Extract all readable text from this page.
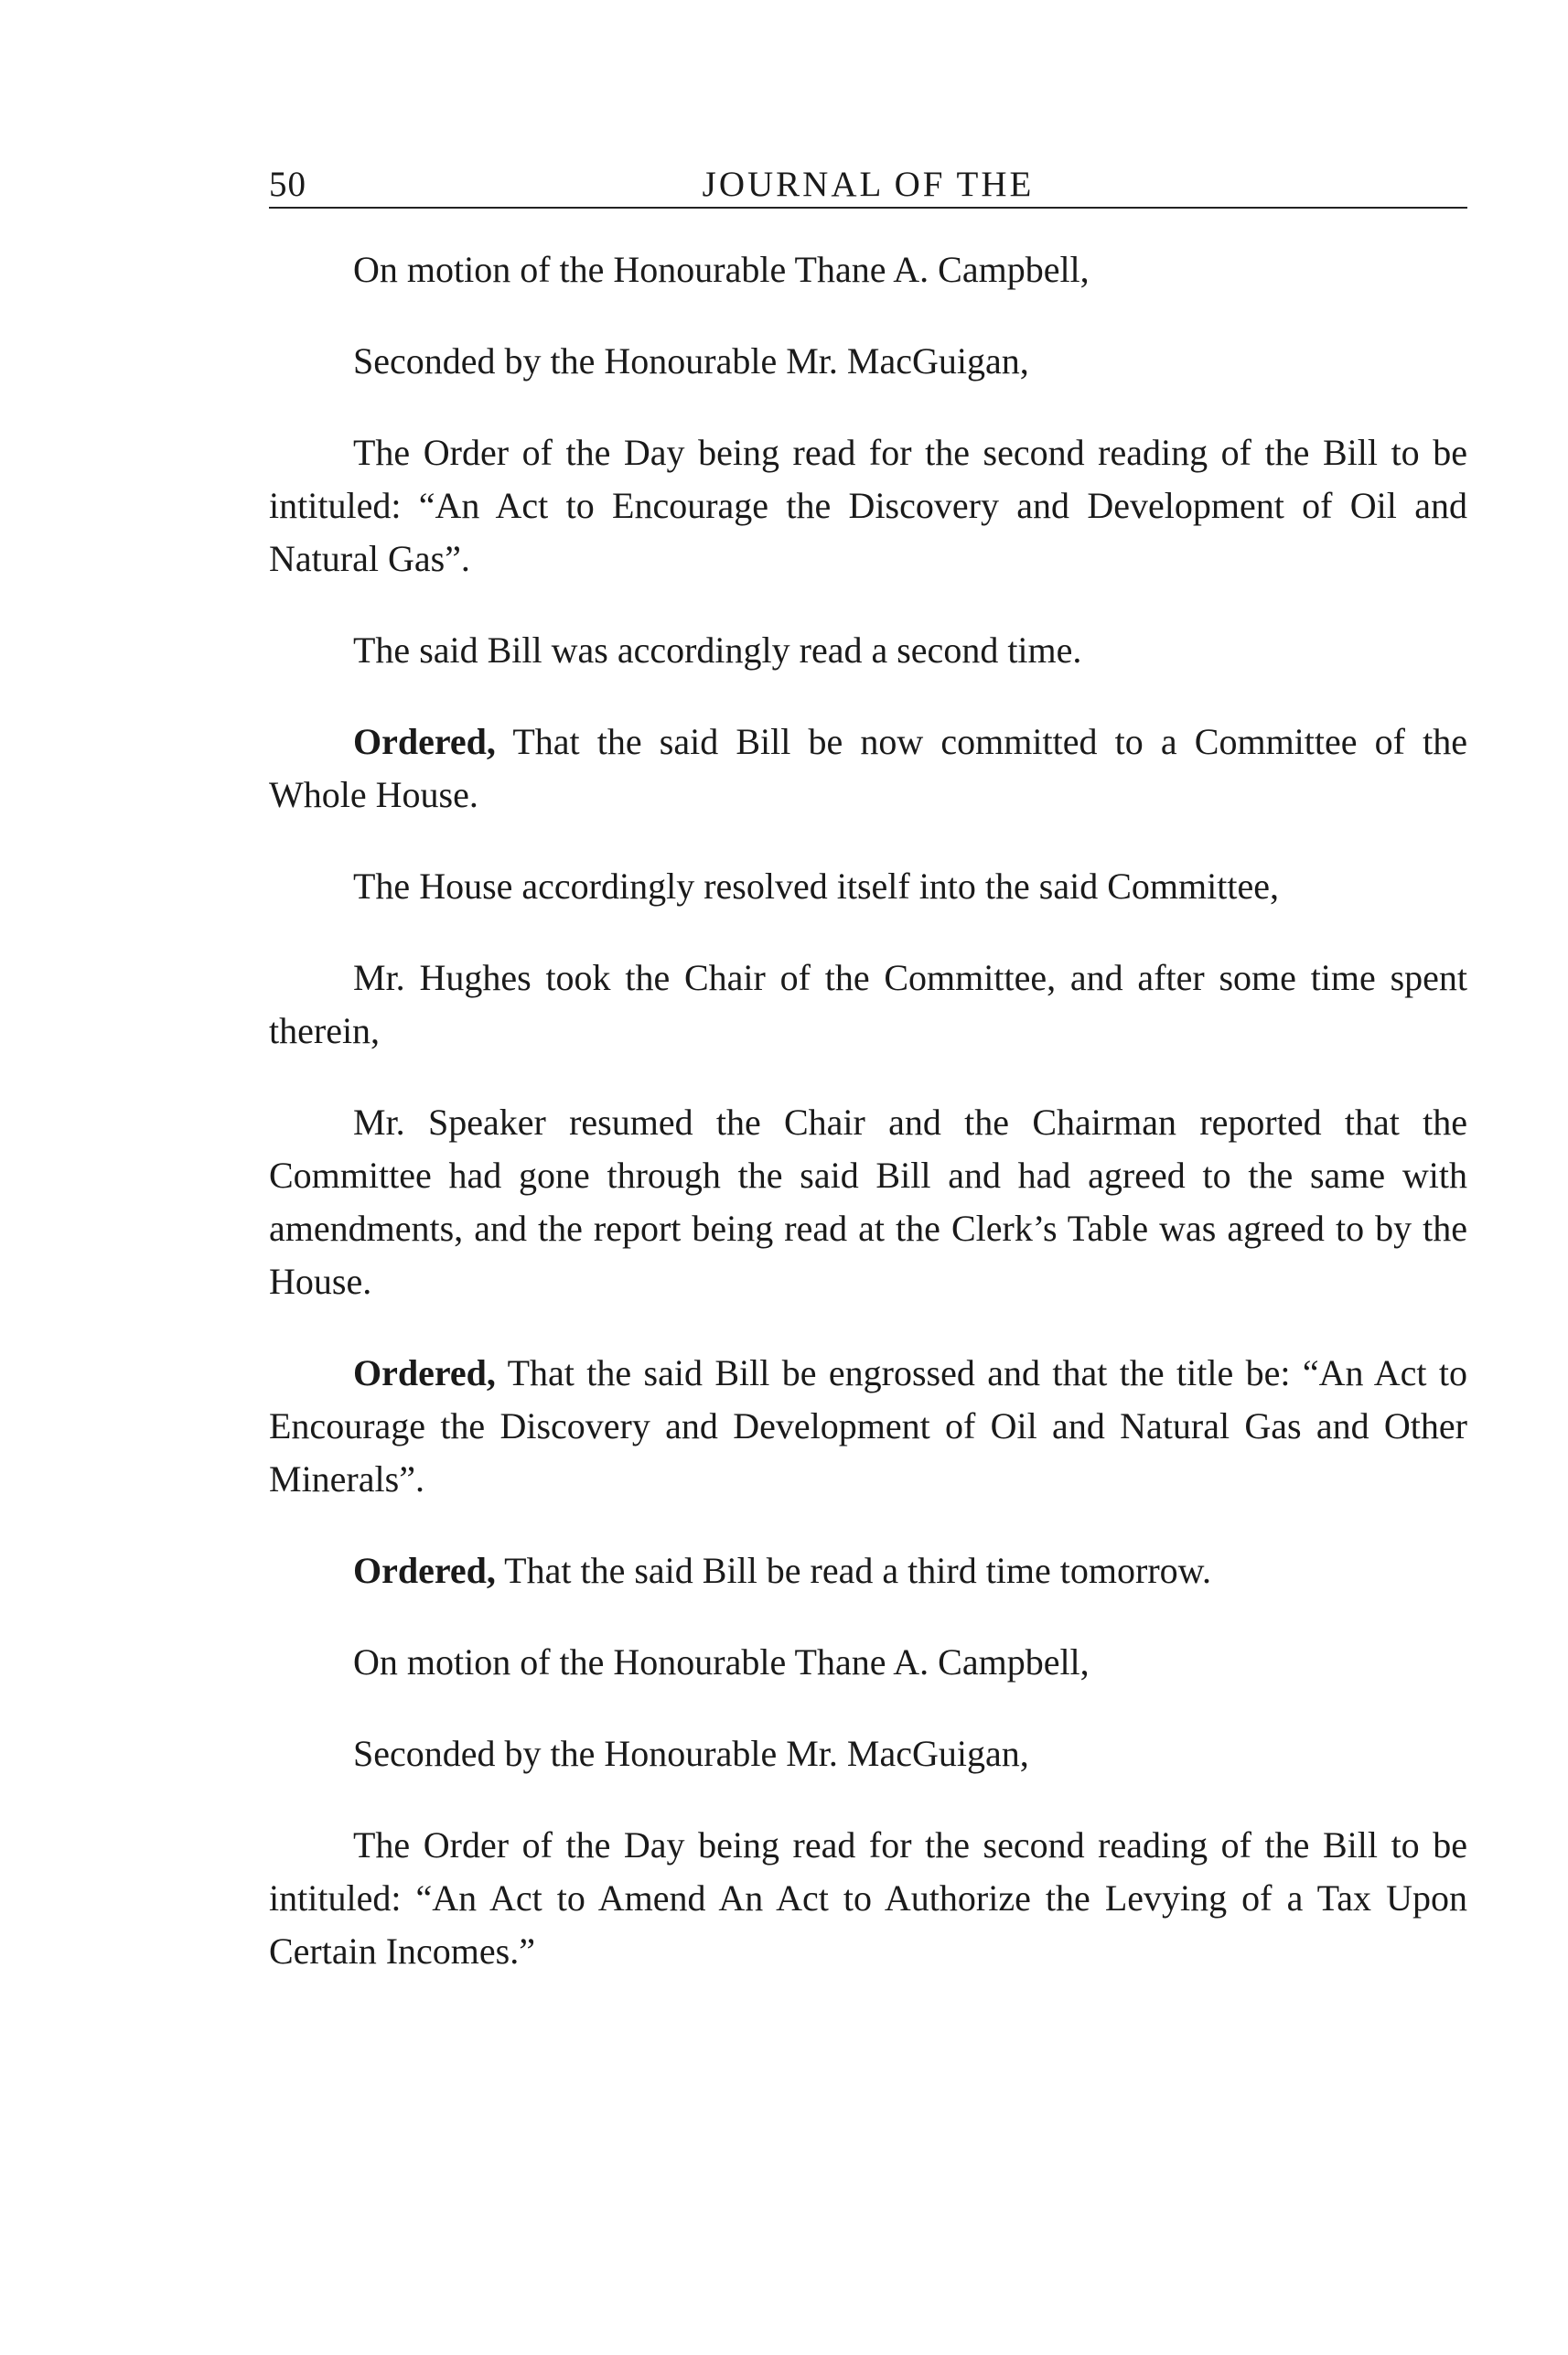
50	JOURNAL OF THE

On motion of the Honourable Thane A. Campbell,

Seconded by the Honourable Mr. MacGuigan,

The Order of the Day being read for the second reading of the Bill to be intituled: “An Act to Encourage the Discovery and Development of Oil and Natural Gas”.

The said Bill was accordingly read a second time.

Ordered, That the said Bill be now committed to a Committee of the Whole House.

The House accordingly resolved itself into the said Committee,

Mr. Hughes took the Chair of the Committee, and after some time spent therein,

Mr. Speaker resumed the Chair and the Chairman reported that the Committee had gone through the said Bill and had agreed to the same with amendments, and the report being read at the Clerk’s Table was agreed to by the House.

Ordered, That the said Bill be engrossed and that the title be: “An Act to Encourage the Discovery and Development of Oil and Natural Gas and Other Minerals”.

Ordered, That the said Bill be read a third time tomorrow.

On motion of the Honourable Thane A. Campbell,

Seconded by the Honourable Mr. MacGuigan,

The Order of the Day being read for the second reading of the Bill to be intituled: “An Act to Amend An Act to Authorize the Levying of a Tax Upon Certain Incomes.”
